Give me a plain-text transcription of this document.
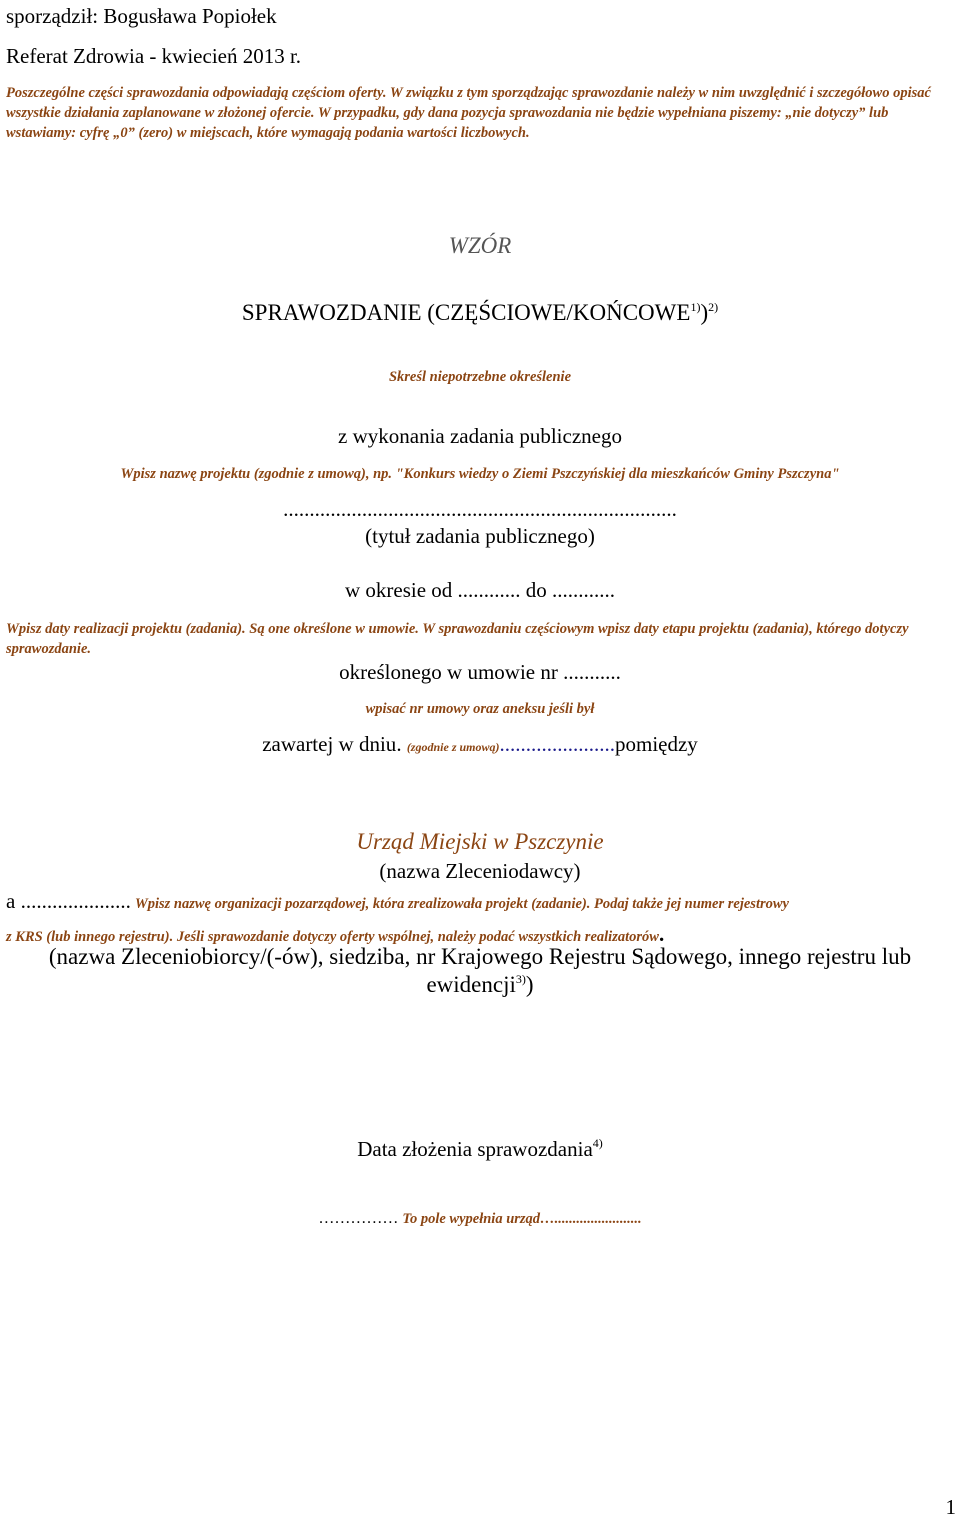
sporządził: Bogusława Popiołek
Referat Zdrowia - kwiecień 2013 r.
Poszczególne części sprawozdania odpowiadają częściom oferty. W związku z tym sporządzając sprawozdanie należy w nim uwzględnić i szczegółowo opisać wszystkie działania zaplanowane w złożonej ofercie. W przypadku, gdy dana pozycja sprawozdania nie będzie wypełniana piszemy: „nie dotyczy” lub wstawiamy: cyfrę „0” (zero) w miejscach, które wymagają podania wartości liczbowych.
WZÓR
SPRAWOZDANIE (CZĘŚCIOWE/KOŃCOWE$^{1)}$)$^{2)}$
Skreśl niepotrzebne określenie
z wykonania zadania publicznego
Wpisz nazwę projektu (zgodnie z umową), np. "Konkurs wiedzy o Ziemi Pszczyńskiej dla mieszkańców Gminy Pszczyna"
...........................................................................
(tytuł zadania publicznego)
w okresie od ............ do ............
Wpisz daty realizacji projektu (zadania). Są one określone w umowie. W sprawozdaniu częściowym wpisz daty etapu projektu (zadania), którego dotyczy sprawozdanie.
określonego w umowie nr ...........
wpisać nr umowy oraz aneksu jeśli był
zawartej w dniu. (zgodnie z umową)......................pomiędzy
Urząd Miejski w Pszczynie
(nazwa Zleceniodawcy)
a ..................... Wpisz nazwę organizacji pozarządowej, która zrealizowała projekt (zadanie). Podaj także jej numer rejestrowy
z KRS (lub innego rejestru). Jeśli sprawozdanie dotyczy oferty wspólnej, należy podać wszystkich realizatorów.
(nazwa Zleceniobiorcy/(-ów), siedziba, nr Krajowego Rejestru Sądowego, innego rejestru lub
ewidencji$^{3)}$)
Data złożenia sprawozdania$^{4)}$
…………… To pole wypełnia urząd…........................
1
